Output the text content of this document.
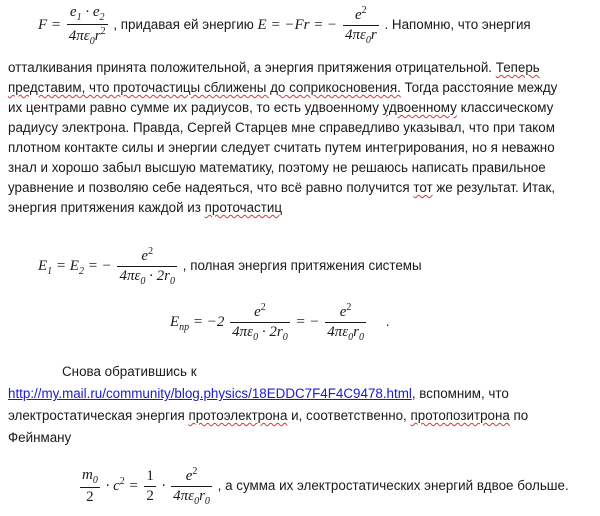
$F = \frac{e_1 \cdot e_2}{4\pi\varepsilon_0r^2}$ , придавая ей энергию E = −Fr = − $\frac{e^2}{4\pi\varepsilon_0r}$ . Напомню, что энергия
отталкивания принята положительной, а энергия притяжения отрицательной. Теперь
представим, что проточастицы сближены до соприкосновения. Тогда расстояние между
их центрами равно сумме их радиусов, то есть удвоенному удвоенному классическому
радиусу электрона. Правда, Сергей Старцев мне справедливо указывал, что при таком
плотном контакте силы и энергии следует считать путем интегрирования, но я неважно
знал и хорошо забыл высшую математику, поэтому не решаюсь написать правильное
уравнение и позволяю себе надеяться, что всё равно получится тот же результат. Итак,
энергия притяжения каждой из проточастиц
$E_1 = E_2$ = − $\frac{e^2}{4\pi\varepsilon_0 \cdot 2r_0}$ , полная энергия притяжения системы
$E_{пр} = -2 \frac{e^2}{4\pi\varepsilon_0 \cdot 2r_0}$ = − $\frac{e^2}{4\pi\varepsilon_0r_0}$ .
Снова обратившись к
http://my.mail.ru/community/blog.physics/18EDDC7F4F4C9478.html, вспомним, что
электростатическая энергия протоэлектрона и, соответственно, протопозитрона по
Фейнману
$\frac{m_0}{2} \cdot c^2 = \frac{1}{2} \cdot \frac{e^2}{4\pi\varepsilon_0r_0}$ , а сумма их электростатических энергий вдвое больше.
